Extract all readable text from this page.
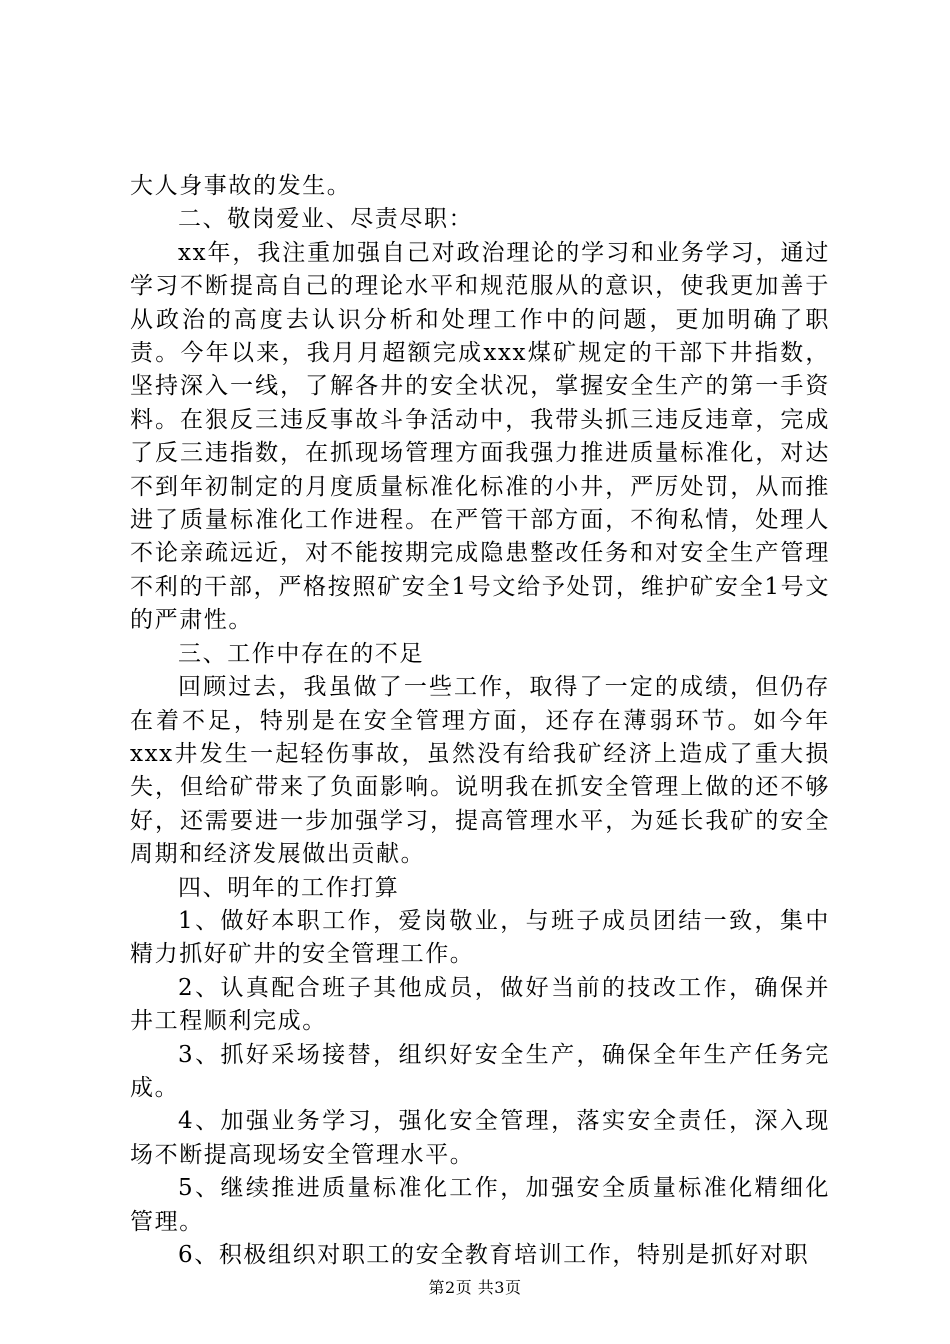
大人身事故的发生。

二、敬岗爱业、尽责尽职：

xx年，我注重加强自己对政治理论的学习和业务学习，通过学习不断提高自己的理论水平和规范服从的意识，使我更加善于从政治的高度去认识分析和处理工作中的问题，更加明确了职责。今年以来，我月月超额完成xxx煤矿规定的干部下井指数，坚持深入一线，了解各井的安全状况，掌握安全生产的第一手资料。在狠反三违反事故斗争活动中，我带头抓三违反违章，完成了反三违指数，在抓现场管理方面我强力推进质量标准化，对达不到年初制定的月度质量标准化标准的小井，严厉处罚，从而推进了质量标准化工作进程。在严管干部方面，不徇私情，处理人不论亲疏远近，对不能按期完成隐患整改任务和对安全生产管理不利的干部，严格按照矿安全1号文给予处罚，维护矿安全1号文的严肃性。

三、工作中存在的不足

回顾过去，我虽做了一些工作，取得了一定的成绩，但仍存在着不足，特别是在安全管理方面，还存在薄弱环节。如今年xxx井发生一起轻伤事故，虽然没有给我矿经济上造成了重大损失，但给矿带来了负面影响。说明我在抓安全管理上做的还不够好，还需要进一步加强学习，提高管理水平，为延长我矿的安全周期和经济发展做出贡献。

四、明年的工作打算

1、做好本职工作，爱岗敬业，与班子成员团结一致，集中精力抓好矿井的安全管理工作。

2、认真配合班子其他成员，做好当前的技改工作，确保并井工程顺利完成。

3、抓好采场接替，组织好安全生产，确保全年生产任务完成。

4、加强业务学习，强化安全管理，落实安全责任，深入现场不断提高现场安全管理水平。

5、继续推进质量标准化工作，加强安全质量标准化精细化管理。

6、积极组织对职工的安全教育培训工作，特别是抓好对职

第2页 共3页
